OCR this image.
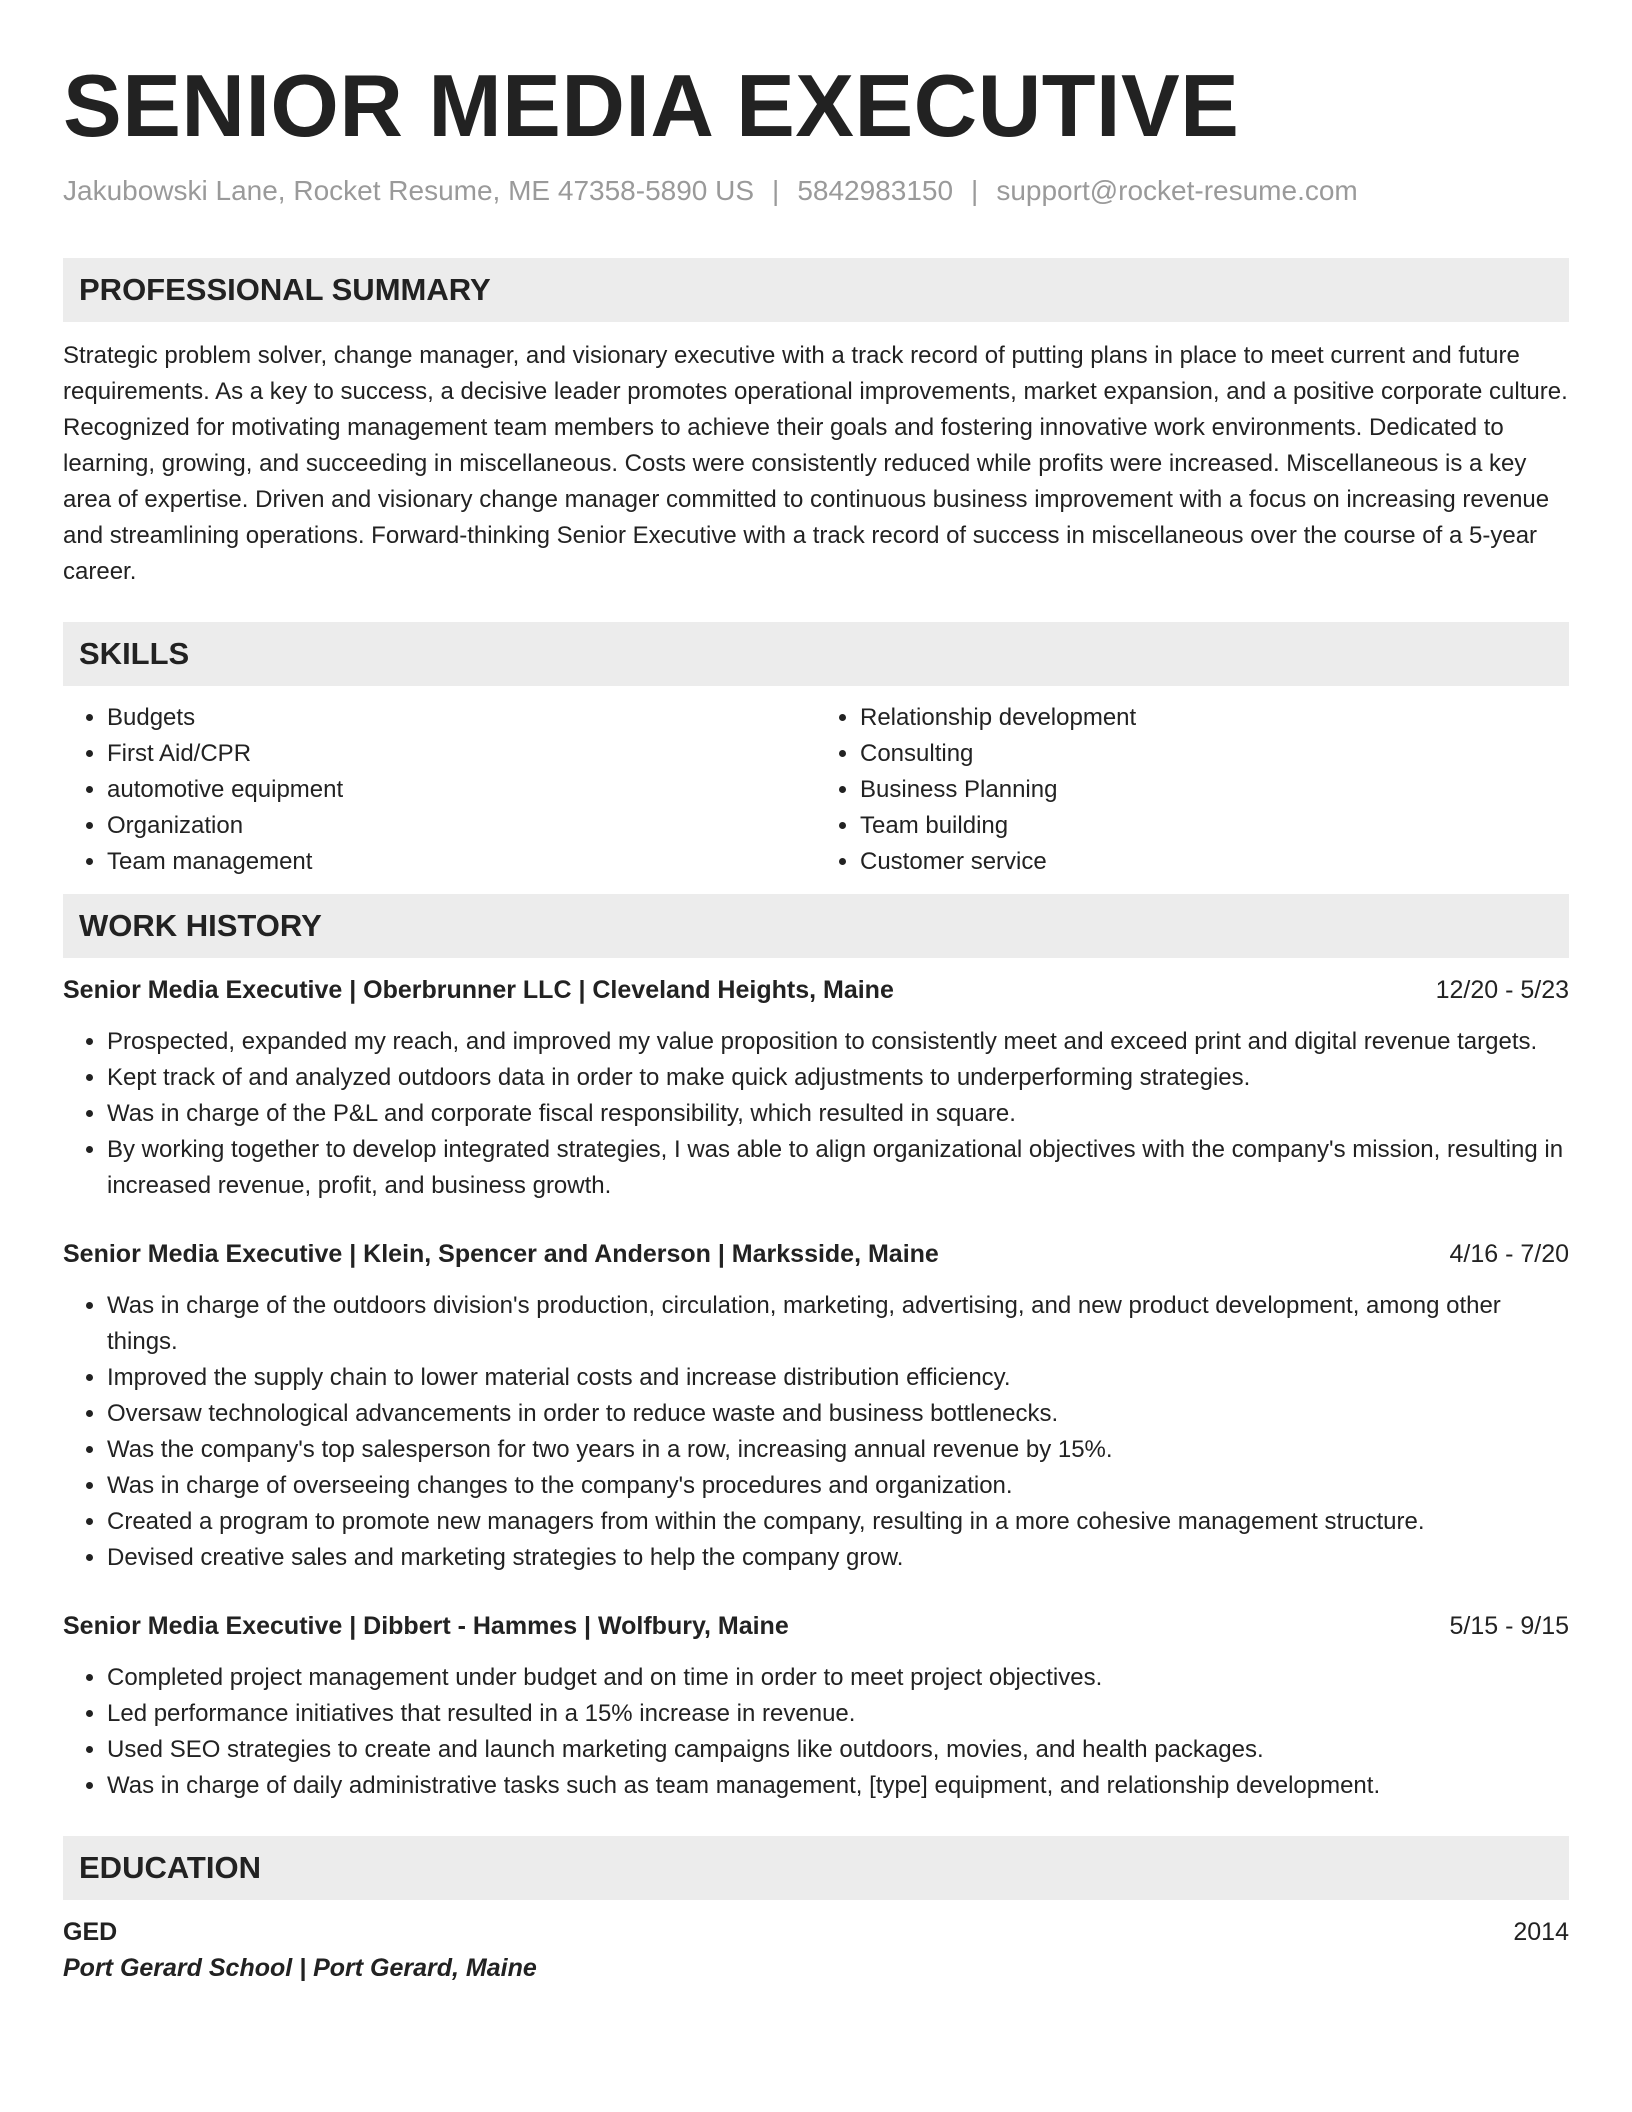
SENIOR MEDIA EXECUTIVE
Jakubowski Lane, Rocket Resume, ME 47358-5890 US | 5842983150 | support@rocket-resume.com
PROFESSIONAL SUMMARY

Strategic problem solver, change manager, and visionary executive with a track record of putting plans in place to meet current and future requirements. As a key to success, a decisive leader promotes operational improvements, market expansion, and a positive corporate culture. Recognized for motivating management team members to achieve their goals and fostering innovative work environments. Dedicated to learning, growing, and succeeding in miscellaneous. Costs were consistently reduced while profits were increased. Miscellaneous is a key area of expertise. Driven and visionary change manager committed to continuous business improvement with a focus on increasing revenue and streamlining operations. Forward-thinking Senior Executive with a track record of success in miscellaneous over the course of a 5-year career.

SKILLS
• Budgets
• First Aid/CPR
• automotive equipment
• Organization
• Team management
• Relationship development
• Consulting
• Business Planning
• Team building
• Customer service
WORK HISTORY
Senior Media Executive | Oberbrunner LLC | Cleveland Heights, Maine	12/20 - 5/23
• Prospected, expanded my reach, and improved my value proposition to consistently meet and exceed print and digital revenue targets.
• Kept track of and analyzed outdoors data in order to make quick adjustments to underperforming strategies.
• Was in charge of the P&L and corporate fiscal responsibility, which resulted in square.
• By working together to develop integrated strategies, I was able to align organizational objectives with the company's mission, resulting in increased revenue, profit, and business growth.
Senior Media Executive | Klein, Spencer and Anderson | Marksside, Maine	4/16 - 7/20
• Was in charge of the outdoors division's production, circulation, marketing, advertising, and new product development, among other things.
• Improved the supply chain to lower material costs and increase distribution efficiency.
• Oversaw technological advancements in order to reduce waste and business bottlenecks.
• Was the company's top salesperson for two years in a row, increasing annual revenue by 15%.
• Was in charge of overseeing changes to the company's procedures and organization.
• Created a program to promote new managers from within the company, resulting in a more cohesive management structure.
• Devised creative sales and marketing strategies to help the company grow.
Senior Media Executive | Dibbert - Hammes | Wolfbury, Maine	5/15 - 9/15
• Completed project management under budget and on time in order to meet project objectives.
• Led performance initiatives that resulted in a 15% increase in revenue.
• Used SEO strategies to create and launch marketing campaigns like outdoors, movies, and health packages.
• Was in charge of daily administrative tasks such as team management, [type] equipment, and relationship development.
EDUCATION
GED	2014
Port Gerard School | Port Gerard, Maine
